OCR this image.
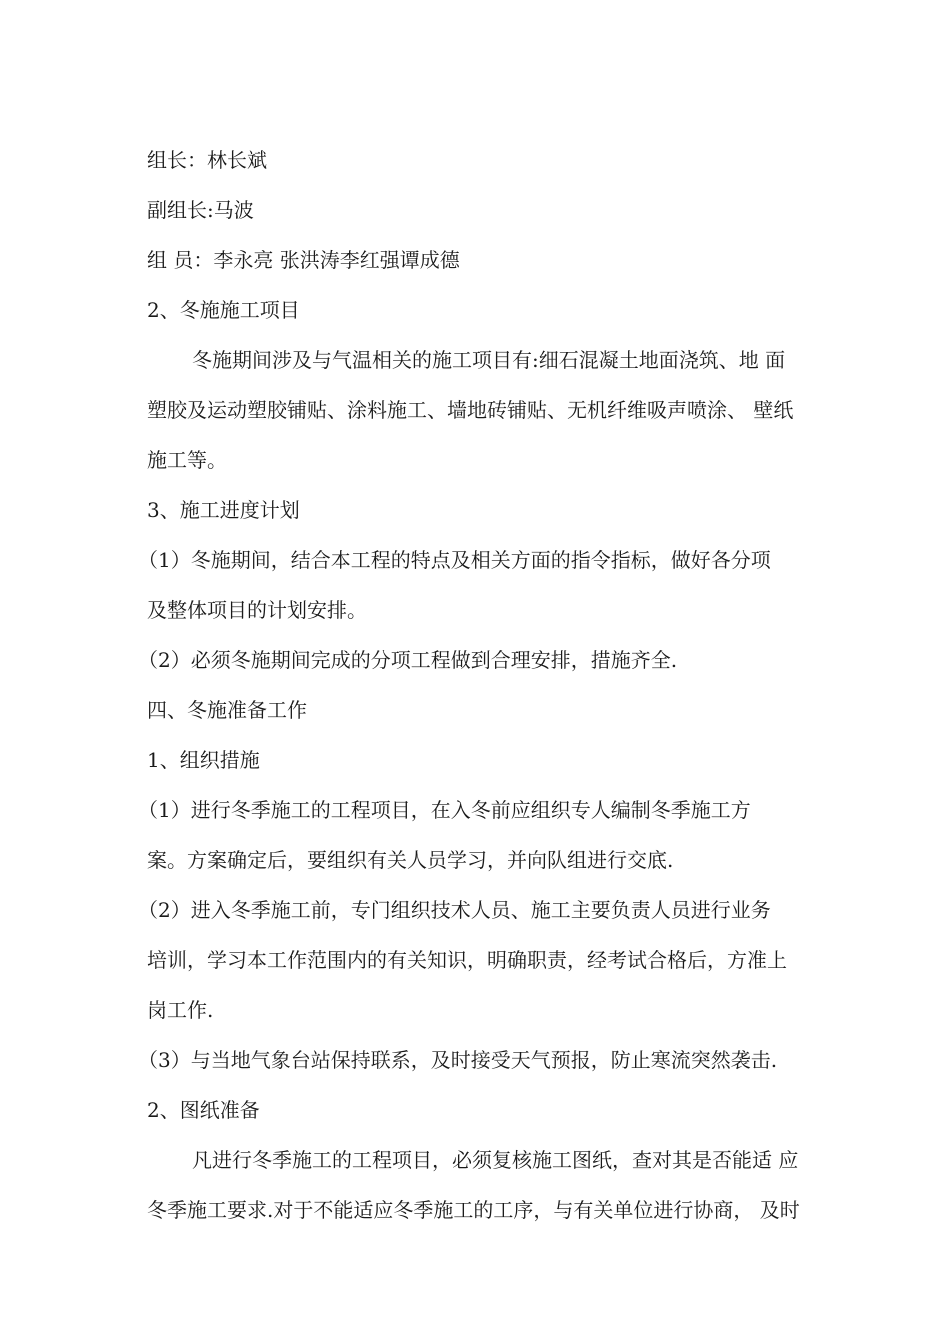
组长：林长斌
副组长:马波
组 员：李永亮 张洪涛李红强谭成德
2、冬施施工项目
冬施期间涉及与气温相关的施工项目有:细石混凝土地面浇筑、地 面
塑胶及运动塑胶铺贴、涂料施工、墙地砖铺贴、无机纤维吸声喷涂、 壁纸
施工等。
3、施工进度计划
（1）冬施期间，结合本工程的特点及相关方面的指令指标，做好各分项
及整体项目的计划安排。
（2）必须冬施期间完成的分项工程做到合理安排，措施齐全.
四、冬施准备工作
1、组织措施
（1）进行冬季施工的工程项目，在入冬前应组织专人编制冬季施工方
案。方案确定后，要组织有关人员学习，并向队组进行交底.
（2）进入冬季施工前，专门组织技术人员、施工主要负责人员进行业务
培训，学习本工作范围内的有关知识，明确职责，经考试合格后，方准上
岗工作.
（3）与当地气象台站保持联系，及时接受天气预报，防止寒流突然袭击.
2、图纸准备
凡进行冬季施工的工程项目，必须复核施工图纸，查对其是否能适 应
冬季施工要求.对于不能适应冬季施工的工序，与有关单位进行协商， 及时
